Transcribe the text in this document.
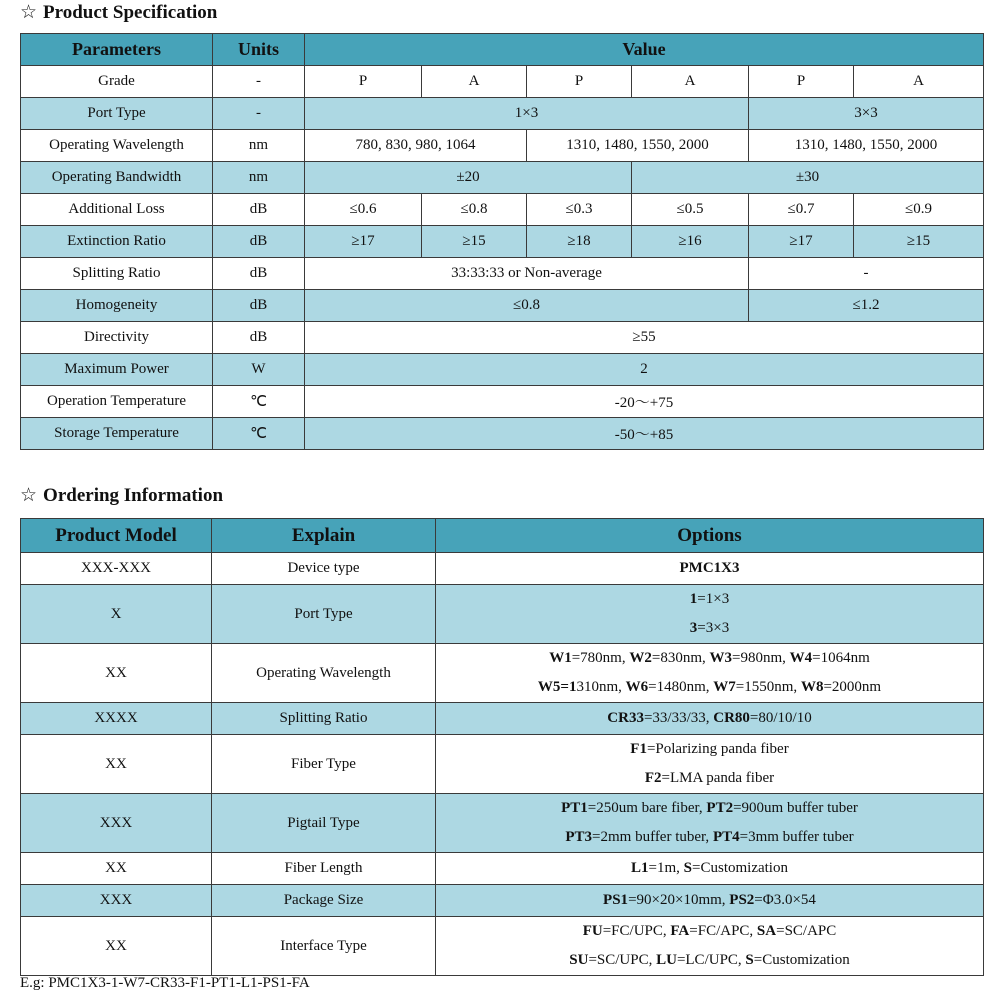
☆ Product Specification
Parameters	Units	Value					
Grade	-	P	A	P	A	P	A
Port Type	-	1×3				3×3	
Operating Wavelength	nm	780, 830, 980, 1064		1310, 1480, 1550, 2000		1310, 1480, 1550, 2000	
Operating Bandwidth	nm	±20			±30		
Additional Loss	dB	≤0.6	≤0.8	≤0.3	≤0.5	≤0.7	≤0.9
Extinction Ratio	dB	≥17	≥15	≥18	≥16	≥17	≥15
Splitting Ratio	dB	33:33:33 or Non-average				-	
Homogeneity	dB	≤0.8				≤1.2	
Directivity	dB	≥55					
Maximum Power	W	2					
Operation Temperature	℃	-20～+75					
Storage Temperature	℃	-50～+85					
☆ Ordering Information
Product Model	Explain	Options
XXX-XXX	Device type	PMC1X3

X	Port Type	1=1×3
3=3×3

XX	Operating Wavelength	W1=780nm, W2=830nm, W3=980nm, W4=1064nm
W5=1310nm, W6=1480nm, W7=1550nm, W8=2000nm

XXXX	Splitting Ratio	CR33=33/33/33, CR80=80/10/10

XX	Fiber Type	F1=Polarizing panda fiber
F2=LMA panda fiber

XXX	Pigtail Type	PT1=250um bare fiber, PT2=900um buffer tuber
PT3=2mm buffer tuber, PT4=3mm buffer tuber

XX	Fiber Length	L1=1m, S=Customization

XXX	Package Size	PS1=90×20×10mm, PS2=Φ3.0×54

XX	Interface Type	FU=FC/UPC, FA=FC/APC, SA=SC/APC
SU=SC/UPC, LU=LC/UPC, S=Customization

E.g: PMC1X3-1-W7-CR33-F1-PT1-L1-PS1-FA
